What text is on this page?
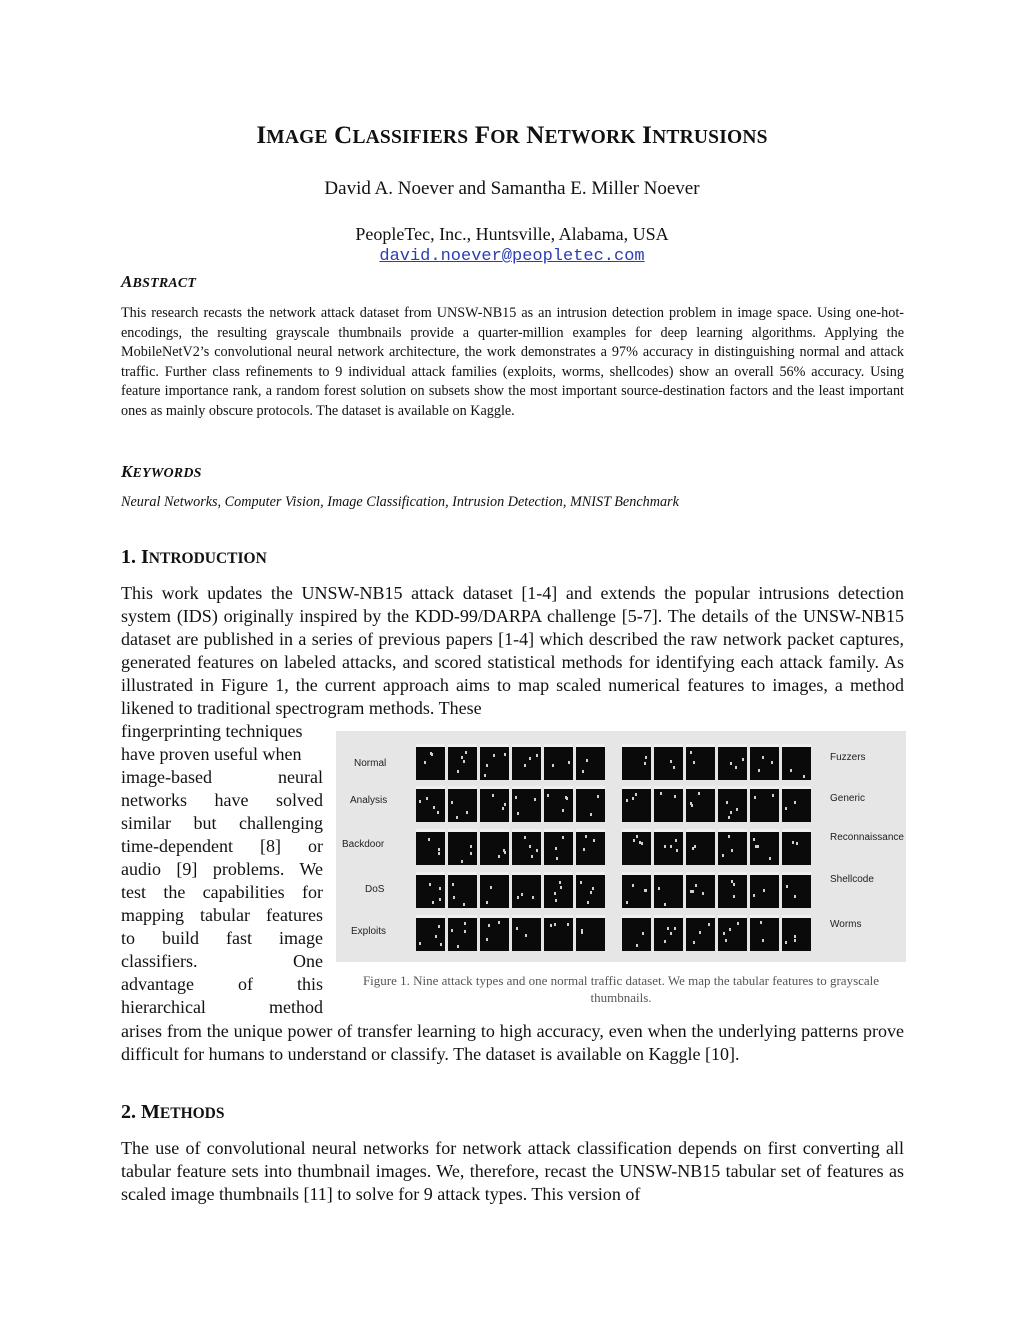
IMAGE CLASSIFIERS FOR NETWORK INTRUSIONS
David A. Noever and Samantha E. Miller Noever
PeopleTec, Inc., Huntsville, Alabama, USA
david.noever@peopletec.com
ABSTRACT

This research recasts the network attack dataset from UNSW-NB15 as an intrusion detection problem in image space. Using one-hot-encodings, the resulting grayscale thumbnails provide a quarter-million examples for deep learning algorithms. Applying the MobileNetV2’s convolutional neural network architecture, the work demonstrates a 97% accuracy in distinguishing normal and attack traffic. Further class refinements to 9 individual attack families (exploits, worms, shellcodes) show an overall 56% accuracy. Using feature importance rank, a random forest solution on subsets show the most important source-destination factors and the least important ones as mainly obscure protocols. The dataset is available on Kaggle.

KEYWORDS

Neural Networks, Computer Vision, Image Classification, Intrusion Detection, MNIST Benchmark

1. INTRODUCTION

This work updates the UNSW-NB15 attack dataset [1-4] and extends the popular intrusions detection system (IDS) originally inspired by the KDD-99/DARPA challenge [5-7]. The details of the UNSW-NB15 dataset are published in a series of previous papers [1-4] which described the raw network packet captures, generated features on labeled attacks, and scored statistical methods for identifying each attack family. As illustrated in Figure 1, the current approach aims to map scaled numerical features to images, a method likened to traditional spectrogram methods. These

fingerprinting techniques
have proven useful when
image-based neural
networks have solved
similar but challenging
time-dependent [8] or
audio [9] problems. We
test the capabilities for
mapping tabular features
to build fast image
classifiers. One
advantage of this
hierarchical method
Normal
Analysis
Backdoor
DoS
Exploits
Fuzzers
Generic
Reconnaissance
Shellcode
Worms
Figure 1. Nine attack types and one normal traffic dataset. We map the tabular features to grayscale thumbnails.

arises from the unique power of transfer learning to high accuracy, even when the underlying patterns prove difficult for humans to understand or classify. The dataset is available on Kaggle [10].

2. METHODS

The use of convolutional neural networks for network attack classification depends on first converting all tabular feature sets into thumbnail images. We, therefore, recast the UNSW-NB15 tabular set of features as scaled image thumbnails [11] to solve for 9 attack types. This version of
